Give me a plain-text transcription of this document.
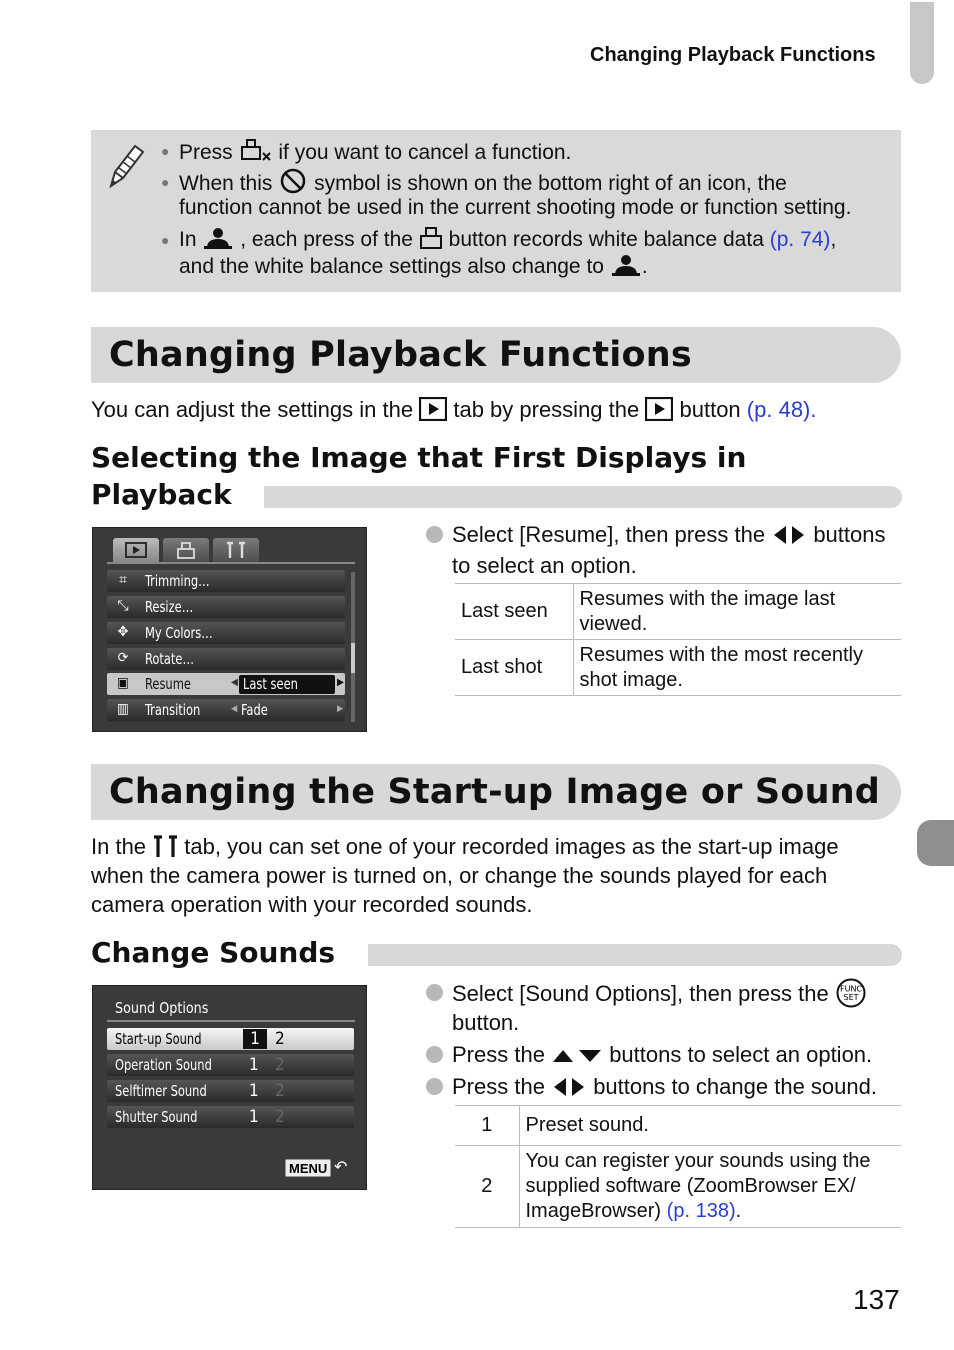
Changing Playback Functions
● Press if you want to cancel a function.
● When this symbol is shown on the bottom right of an icon, the
function cannot be used in the current shooting mode or function setting.
● In , each press of the button records white balance data (p. 74),
and the white balance settings also change to .
Changing Playback Functions
You can adjust the settings in the tab by pressing the button (p. 48).
Selecting the Image that First Displays in
Playback
⌗	Trimming…
⤡ Resize…
✥	My Colors…
⟳	Rotate…
▣ Resume	◀ Last seen	▶
▥ Transition	◀ Fade	▶
Select [Resume], then press the buttons
to select an option.
Last seen	Resumes with the image last
viewed.

Last shot	Resumes with the most recently
shot image.
Changing the Start-up Image or Sound
In the tab, you can set one of your recorded images as the start-up image
when the camera power is turned on, or change the sounds played for each
camera operation with your recorded sounds.
Change Sounds
Sound Options
Start-up Sound	1 2
Operation Sound 1 2
Selftimer Sound 1 2
Shutter Sound	1 2
MENU ↶
Select [Sound Options], then press the FUNC
SET
button.
Press the	buttons to select an option.
Press the buttons to change the sound.
1	Preset sound.
2	You can register your sounds using the
supplied software (ZoomBrowser EX/
ImageBrowser) (p. 138).
137
